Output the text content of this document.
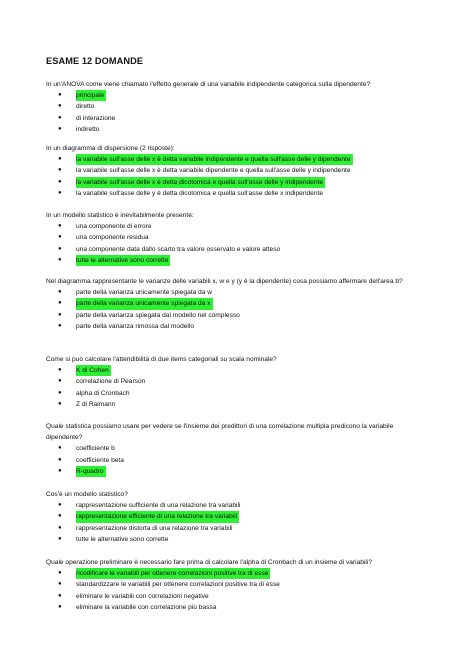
ESAME 12 DOMANDE

In un'ANOVA come viene chiamato l'effetto generale di una variabile indipendente categorica sulla dipendente?

● principale
● diretto
● di interazione
● indiretto

In un diagramma di dispersione (2 risposte):

● la variabile sull'asse delle x è detta variabile indipendente e quella sull'asse delle y dipendente
● la variabile sull'asse delle x è detta variabile dipendente e quella sull'asse delle y indipendente
● la variabile sull'asse delle x è detta dicotomica e quella sull'asse delle y indipendente
● la variabile sull'asse delle y è detta dicotomica e quella sull'asse delle x indipendente

In un modello statistico è inevitabilmente presente:

● una componente di errore
● una componente residua
● una componente data dallo scarto tra valore osservato e valore atteso
● tutte le alternative sono corrette

Nel diagramma rappresentante le varianze delle variabili x, w e y (y è la dipendente) cosa possiamo affermare dell'area b?

● parte della varianza unicamente spiegata da w
● parte della varianza unicamente spiegata da x
● parte della varianza spiegata dal modello nel complesso
● parte della varianza rimossa dal modello

Come si può calcolare l'attendibilità di due items categoriali su scala nominale?

● K di Cohen
● correlazione di Pearson
● alpha di Cronbach
● Z di Raimann

Quale statistica possiamo usare per vedere se l'insieme dei predittori di una correlazione multipla predicono la variabile dipendente?

● coefficiente b
● coefficiente beta
● R-quadro

Cos'è un modello statistico?

● rappresentazione sufficiente di una relazione tra variabili
● rappresentazione efficiente di una relazione tra variabili
● rappresentazione distorta di una relazione tra variabili
● tutte le alternative sono corrette

Quale operazione preliminare è necessario fare prima di calcolare l'alpha di Cronbach di un insieme di variabili?

● ricodificare le variabili per ottenere correlazioni positive tra di esse
● standardizzare le variabili per ottenere correlazioni positive tra di esse
● eliminare le variabili con correlazioni negative
● eliminare la variabile con correlazione più bassa
